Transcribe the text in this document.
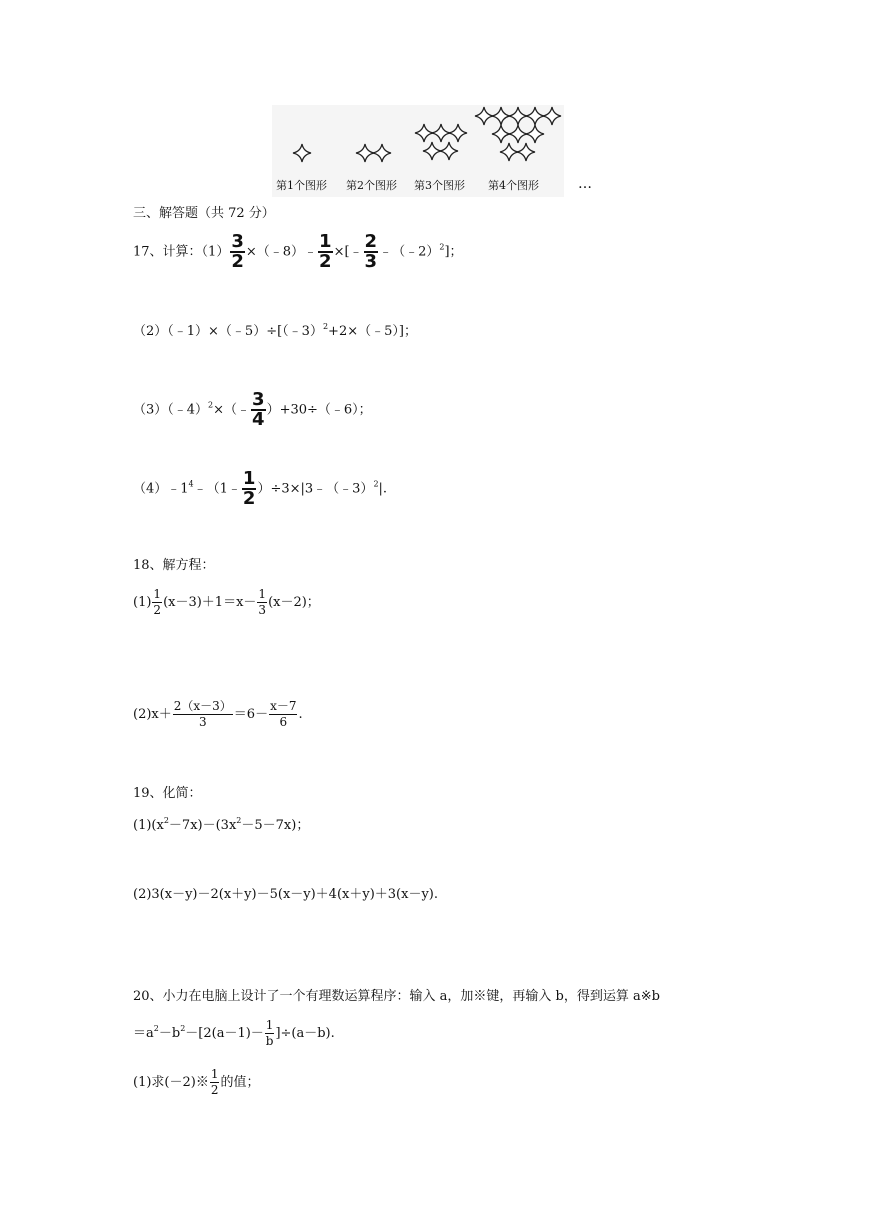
第1个图形 第2个图形 第3个图形 第4个图形	…
三、解答题（共 72 分）
17、计算：$(1) \frac{3}{2}$ ×（﹣8）﹣ $\frac{1}{2}$ ×[﹣ $\frac{2}{3}$ ﹣（﹣2）$^2$]；
（2）（﹣1）×（﹣5）÷[（﹣3）$^2$+2×（﹣5）]；
（3）（﹣4）$^2$×（﹣ $\frac{3}{4}$ ）+30÷（﹣6）；
$(4)﹣1^4﹣(1﹣ \frac{1}{2}$ ）÷3×|3﹣（﹣3）$^2$|.
18、解方程：
$(1) \frac{1}{2} (x-3)+1=x- \frac{1}{3} (x-2)$；
$(2)x+ \frac{2(x-3)}{3} =6- \frac{x-7}{6}$ .
19、化简：
$(1)(x^2-7x)-(3x^2-5-7x)$；
(2)3(x－y)－2(x＋y)－5(x－y)＋4(x＋y)＋3(x－y).
20、小力在电脑上设计了一个有理数运算程序：输入 a，加※键，再输入 b，得到运算 a※b
$=a^2-b^2-[2(a-1)- \frac{1}{b} ]\div(a-b)$.
(1)求(－2)※ $\frac{1}{2}$ 的值；
